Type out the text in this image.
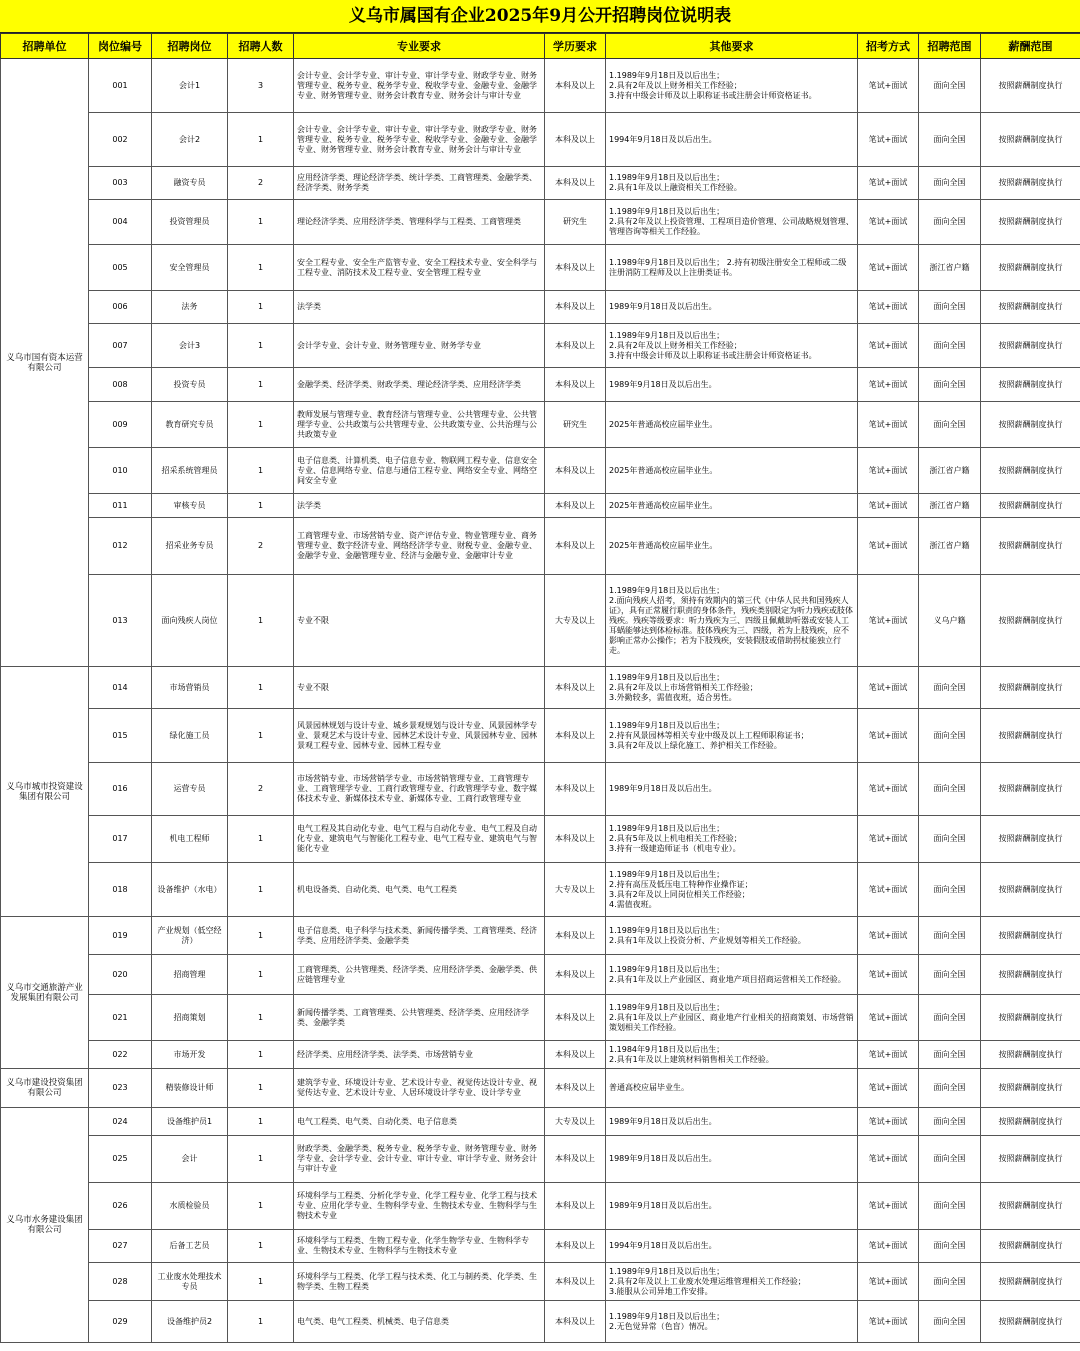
义乌市属国有企业2025年9月公开招聘岗位说明表
招聘单位	岗位编号	招聘岗位	招聘人数	专业要求	学历要求	其他要求	招考方式	招聘范围	薪酬范围
义乌市国有资本运营有限公司	001	会计1	3	会计专业、会计学专业、审计专业、审计学专业、财政学专业、财务管理专业、税务专业、税务学专业、税收学专业、金融专业、金融学专业、财务管理专业、财务会计教育专业、财务会计与审计专业	本科及以上	1.1989年9月18日及以后出生；
2.具有2年及以上财务相关工作经验；
3.持有中级会计师及以上职称证书或注册会计师资格证书。	笔试+面试	面向全国	按照薪酬制度执行
	002	会计2	1	会计专业、会计学专业、审计专业、审计学专业、财政学专业、财务管理专业、税务专业、税务学专业、税收学专业、金融专业、金融学专业、财务管理专业、财务会计教育专业、财务会计与审计专业	本科及以上	1994年9月18日及以后出生。	笔试+面试	面向全国	按照薪酬制度执行
	003	融资专员	2	应用经济学类、理论经济学类、统计学类、工商管理类、金融学类、经济学类、财务学类	本科及以上	1.1989年9月18日及以后出生；
2.具有1年及以上融资相关工作经验。	笔试+面试	面向全国	按照薪酬制度执行
	004	投资管理员	1	理论经济学类、应用经济学类、管理科学与工程类、工商管理类	研究生	1.1989年9月18日及以后出生；
2.具有2年及以上投资管理、工程项目造价管理、公司战略规划管理、管理咨询等相关工作经验。	笔试+面试	面向全国	按照薪酬制度执行
	005	安全管理员	1	安全工程专业、安全生产监管专业、安全工程技术专业、安全科学与工程专业、消防技术及工程专业、安全管理工程专业	本科及以上	1.1989年9月18日及以后出生； 2.持有初级注册安全工程师或二级注册消防工程师及以上注册类证书。	笔试+面试	浙江省户籍	按照薪酬制度执行
	006	法务	1	法学类	本科及以上	1989年9月18日及以后出生。	笔试+面试	面向全国	按照薪酬制度执行
	007	会计3	1	会计学专业、会计专业、财务管理专业、财务学专业	本科及以上	1.1989年9月18日及以后出生；
2.具有2年及以上财务相关工作经验；
3.持有中级会计师及以上职称证书或注册会计师资格证书。	笔试+面试	面向全国	按照薪酬制度执行
	008	投资专员	1	金融学类、经济学类、财政学类、理论经济学类、应用经济学类	本科及以上	1989年9月18日及以后出生。	笔试+面试	面向全国	按照薪酬制度执行
	009	教育研究专员	1	教师发展与管理专业、教育经济与管理专业、公共管理专业、公共管理学专业、公共政策与公共管理专业、公共政策专业、公共治理与公共政策专业	研究生	2025年普通高校应届毕业生。	笔试+面试	面向全国	按照薪酬制度执行
	010	招采系统管理员	1	电子信息类、计算机类、电子信息专业、物联网工程专业、信息安全专业、信息网络专业、信息与通信工程专业、网络安全专业、网络空间安全专业	本科及以上	2025年普通高校应届毕业生。	笔试+面试	浙江省户籍	按照薪酬制度执行
	011	审核专员	1	法学类	本科及以上	2025年普通高校应届毕业生。	笔试+面试	浙江省户籍	按照薪酬制度执行
	012	招采业务专员	2	工商管理专业、市场营销专业、资产评估专业、物业管理专业、商务管理专业、数字经济专业、网络经济学专业、财税专业、金融专业、金融学专业、金融管理专业、经济与金融专业、金融审计专业	本科及以上	2025年普通高校应届毕业生。	笔试+面试	浙江省户籍	按照薪酬制度执行
	013	面向残疾人岗位	1	专业不限	大专及以上	1.1989年9月18日及以后出生；
2.面向残疾人招考，须持有效期内的第三代《中华人民共和国残疾人证》，具有正常履行职责的身体条件，残疾类别限定为听力残疾或肢体残疾。残疾等级要求：听力残疾为三、四级且佩戴助听器或安装人工耳蜗能够达到体检标准。肢体残疾为三、四级，若为上肢残疾，应不影响正常办公操作；若为下肢残疾，安装假肢或借助拐杖能独立行走。	笔试+面试	义乌户籍	按照薪酬制度执行
义乌市城市投资建设集团有限公司	014	市场营销员	1	专业不限	本科及以上	1.1989年9月18日及以后出生；
2.具有2年及以上市场营销相关工作经验；
3.外勤较多，需值夜班，适合男性。	笔试+面试	面向全国	按照薪酬制度执行
	015	绿化施工员	1	风景园林规划与设计专业、城乡景观规划与设计专业、风景园林学专业、景观艺术与设计专业、园林艺术设计专业、风景园林专业、园林景观工程专业、园林专业、园林工程专业	本科及以上	1.1989年9月18日及以后出生；
2.持有风景园林等相关专业中级及以上工程师职称证书；
3.具有2年及以上绿化施工、养护相关工作经验。	笔试+面试	面向全国	按照薪酬制度执行
	016	运营专员	2	市场营销专业、市场营销学专业、市场营销管理专业、工商管理专业、工商管理学专业、工商行政管理专业、行政管理学专业、数字媒体技术专业、新媒体技术专业、新媒体专业、工商行政管理专业	本科及以上	1989年9月18日及以后出生。	笔试+面试	面向全国	按照薪酬制度执行
	017	机电工程师	1	电气工程及其自动化专业、电气工程与自动化专业、电气工程及自动化专业、建筑电气与智能化工程专业、电气工程专业、建筑电气与智能化专业	本科及以上	1.1989年9月18日及以后出生；
2.具有5年及以上机电相关工作经验；
3.持有一级建造师证书（机电专业）。	笔试+面试	面向全国	按照薪酬制度执行
	018	设备维护（水电）	1	机电设备类、自动化类、电气类、电气工程类	大专及以上	1.1989年9月18日及以后出生；
2.持有高压及低压电工特种作业操作证；
3.具有2年及以上同岗位相关工作经验；
4.需值夜班。	笔试+面试	面向全国	按照薪酬制度执行
义乌市交通旅游产业发展集团有限公司	019	产业规划（低空经济）	1	电子信息类、电子科学与技术类、新闻传播学类、工商管理类、经济学类、应用经济学类、金融学类	本科及以上	1.1989年9月18日及以后出生；
2.具有1年及以上投资分析、产业规划等相关工作经验。	笔试+面试	面向全国	按照薪酬制度执行
	020	招商管理	1	工商管理类、公共管理类、经济学类、应用经济学类、金融学类、供应链管理专业	本科及以上	1.1989年9月18日及以后出生；
2.具有1年及以上产业园区、商业地产项目招商运营相关工作经验。	笔试+面试	面向全国	按照薪酬制度执行
	021	招商策划	1	新闻传播学类、工商管理类、公共管理类、经济学类、应用经济学类、金融学类	本科及以上	1.1989年9月18日及以后出生；
2.具有1年及以上产业园区、商业地产行业相关的招商策划、市场营销策划相关工作经验。	笔试+面试	面向全国	按照薪酬制度执行
	022	市场开发	1	经济学类、应用经济学类、法学类、市场营销专业	本科及以上	1.1984年9月18日及以后出生；
2.具有1年及以上建筑材料销售相关工作经验。	笔试+面试	面向全国	按照薪酬制度执行
义乌市建设投资集团有限公司	023	精装修设计师	1	建筑学专业、环境设计专业、艺术设计专业、视觉传达设计专业、视觉传达专业、艺术设计专业、人居环境设计学专业、设计学专业	本科及以上	普通高校应届毕业生。	笔试+面试	面向全国	按照薪酬制度执行
义乌市水务建设集团有限公司	024	设备维护员1	1	电气工程类、电气类、自动化类、电子信息类	大专及以上	1989年9月18日及以后出生。	笔试+面试	面向全国	按照薪酬制度执行
	025	会计	1	财政学类、金融学类、税务专业、税务学专业、财务管理专业、财务学专业、会计学专业、会计专业、审计专业、审计学专业、财务会计与审计专业	本科及以上	1989年9月18日及以后出生。	笔试+面试	面向全国	按照薪酬制度执行
	026	水质检验员	1	环境科学与工程类、分析化学专业、化学工程专业、化学工程与技术专业、应用化学专业、生物科学专业、生物技术专业、生物科学与生物技术专业	本科及以上	1989年9月18日及以后出生。	笔试+面试	面向全国	按照薪酬制度执行
	027	后备工艺员	1	环境科学与工程类、生物工程专业、化学生物学专业、生物科学专业、生物技术专业、生物科学与生物技术专业	本科及以上	1994年9月18日及以后出生。	笔试+面试	面向全国	按照薪酬制度执行
	028	工业废水处理技术专员	1	环境科学与工程类、化学工程与技术类、化工与制药类、化学类、生物学类、生物工程类	本科及以上	1.1989年9月18日及以后出生；
2.具有2年及以上工业废水处理运维管理相关工作经验；
3.能服从公司异地工作安排。	笔试+面试	面向全国	按照薪酬制度执行
	029	设备维护员2	1	电气类、电气工程类、机械类、电子信息类	本科及以上	1.1989年9月18日及以后出生；
2.无色觉异常（色盲）情况。	笔试+面试	面向全国	按照薪酬制度执行
